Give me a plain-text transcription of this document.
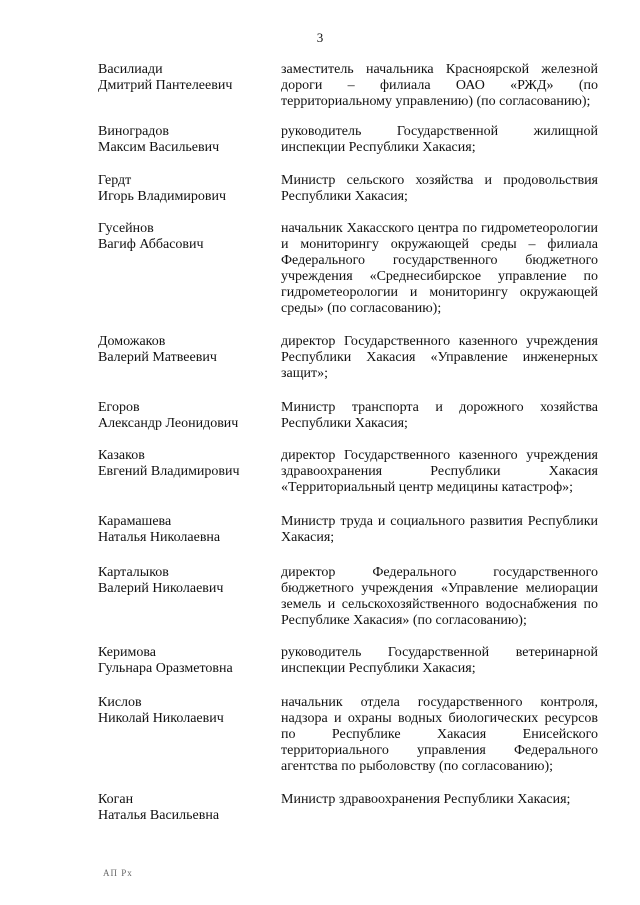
3
Василиади
Дмитрий Пантелеевич
заместитель начальника Красноярской железной дороги – филиала ОАО «РЖД» (по территориальному управлению) (по согласованию);
Виноградов
Максим Васильевич
руководитель Государственной жилищной инспекции Республики Хакасия;
Гердт
Игорь Владимирович
Министр сельского хозяйства и продовольствия Республики Хакасия;
Гусейнов
Вагиф Аббасович
начальник Хакасского центра по гидрометеорологии и мониторингу окружающей среды – филиала Федерального государственного бюджетного учреждения «Среднесибирское управление по гидрометеорологии и мониторингу окружающей среды» (по согласованию);
Доможаков
Валерий Матвеевич
директор Государственного казенного учреждения Республики Хакасия «Управление инженерных защит»;
Егоров
Александр Леонидович
Министр транспорта и дорожного хозяйства Республики Хакасия;
Казаков
Евгений Владимирович
директор Государственного казенного учреждения здравоохранения Республики Хакасия «Территориальный центр медицины катастроф»;
Карамашева
Наталья Николаевна
Министр труда и социального развития Республики Хакасия;
Карталыков
Валерий Николаевич
директор Федерального государственного бюджетного учреждения «Управление мелиорации земель и сельскохозяйственного водоснабжения по Республике Хакасия» (по согласованию);
Керимова
Гульнара Оразметовна
руководитель Государственной ветеринарной инспекции Республики Хакасия;
Кислов
Николай Николаевич
начальник отдела государственного контроля, надзора и охраны водных биологических ресурсов по Республике Хакасия Енисейского территориального управления Федерального агентства по рыболовству (по согласованию);
Коган
Наталья Васильевна
Министр здравоохранения Республики Хакасия;
АП Рх
